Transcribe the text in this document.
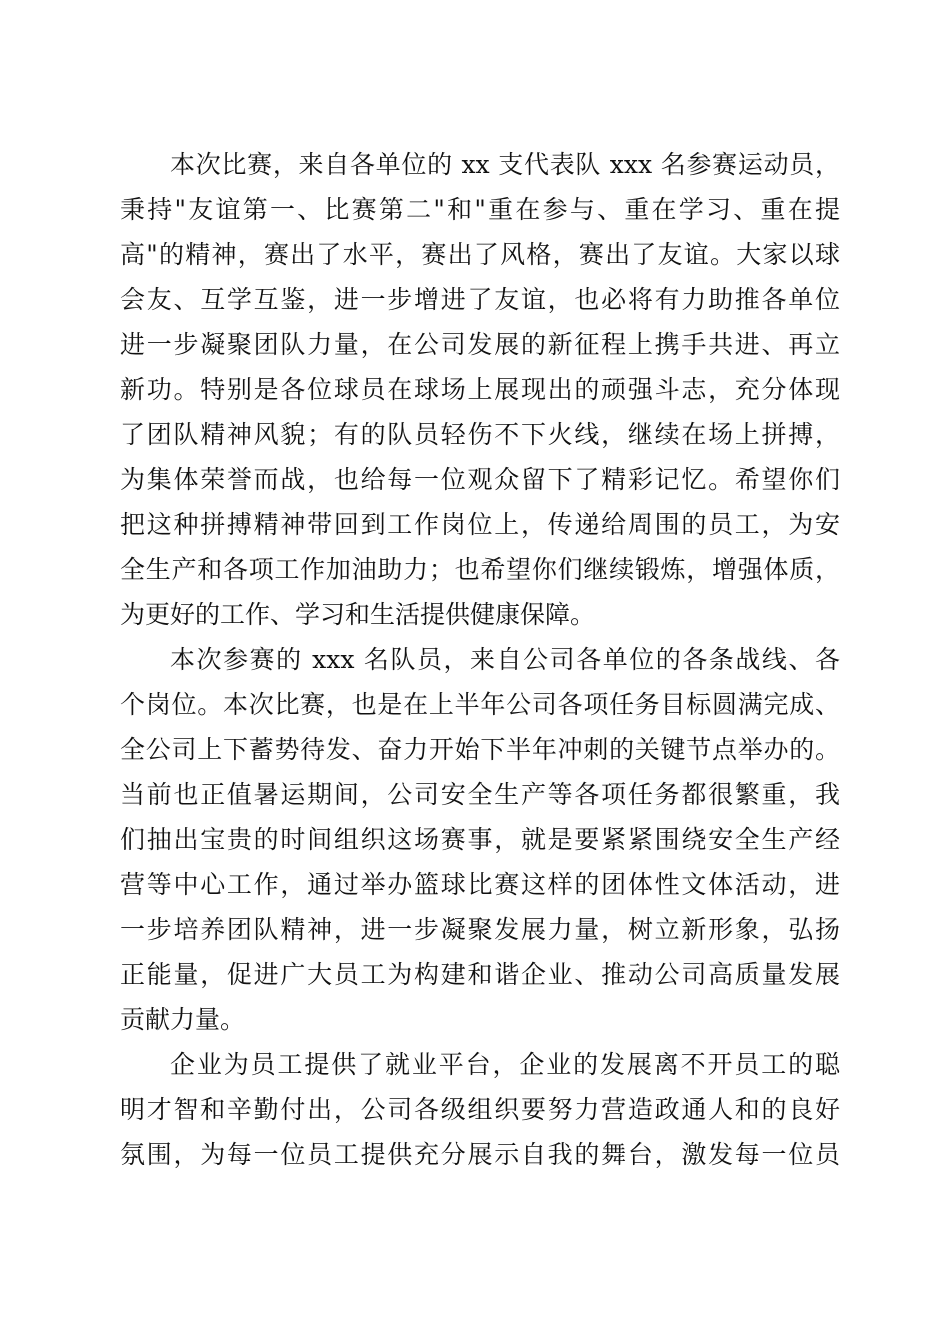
本次比赛，来自各单位的 xx 支代表队 xxx 名参赛运动员，
秉持"友谊第一、比赛第二"和"重在参与、重在学习、重在提
高"的精神，赛出了水平，赛出了风格，赛出了友谊。大家以球
会友、互学互鉴，进一步增进了友谊，也必将有力助推各单位
进一步凝聚团队力量，在公司发展的新征程上携手共进、再立
新功。特别是各位球员在球场上展现出的顽强斗志，充分体现
了团队精神风貌；有的队员轻伤不下火线，继续在场上拼搏，
为集体荣誉而战，也给每一位观众留下了精彩记忆。希望你们
把这种拼搏精神带回到工作岗位上，传递给周围的员工，为安
全生产和各项工作加油助力；也希望你们继续锻炼，增强体质，
为更好的工作、学习和生活提供健康保障。
本次参赛的 xxx 名队员，来自公司各单位的各条战线、各
个岗位。本次比赛，也是在上半年公司各项任务目标圆满完成、
全公司上下蓄势待发、奋力开始下半年冲刺的关键节点举办的。
当前也正值暑运期间，公司安全生产等各项任务都很繁重，我
们抽出宝贵的时间组织这场赛事，就是要紧紧围绕安全生产经
营等中心工作，通过举办篮球比赛这样的团体性文体活动，进
一步培养团队精神，进一步凝聚发展力量，树立新形象，弘扬
正能量，促进广大员工为构建和谐企业、推动公司高质量发展
贡献力量。
企业为员工提供了就业平台，企业的发展离不开员工的聪
明才智和辛勤付出，公司各级组织要努力营造政通人和的良好
氛围，为每一位员工提供充分展示自我的舞台，激发每一位员
